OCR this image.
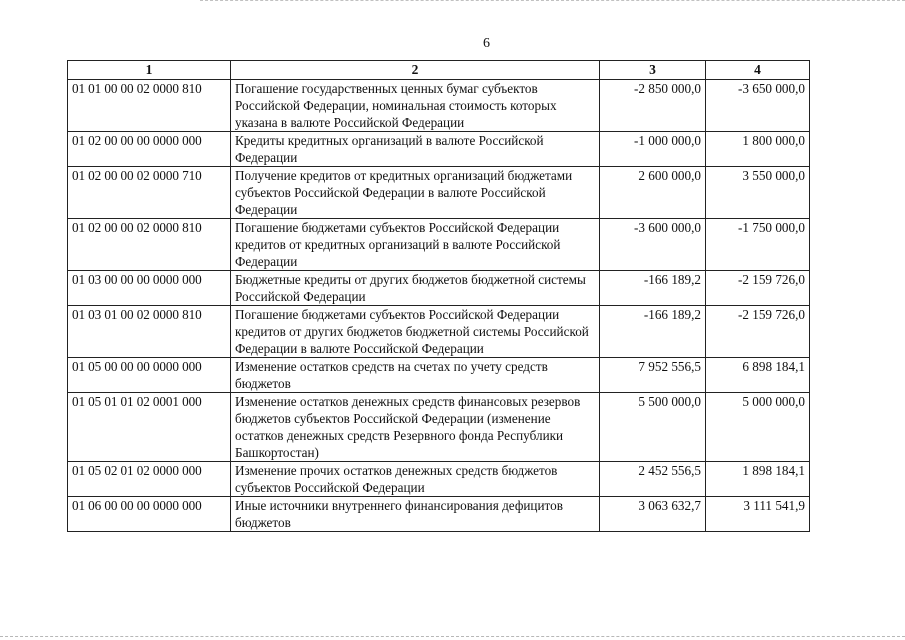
6
1	2	3	4
01 01 00 00 02 0000 810	Погашение государственных ценных бумаг субъектов Российской Федерации, номинальная стоимость которых указана в валюте Российской Федерации	-2 850 000,0	-3 650 000,0
01 02 00 00 00 0000 000	Кредиты кредитных организаций в валюте Российской Федерации	-1 000 000,0	1 800 000,0
01 02 00 00 02 0000 710	Получение кредитов от кредитных организаций бюджетами субъектов Российской Федерации в валюте Российской Федерации	2 600 000,0	3 550 000,0
01 02 00 00 02 0000 810	Погашение бюджетами субъектов Российской Федерации кредитов от кредитных организаций в валюте Российской Федерации	-3 600 000,0	-1 750 000,0
01 03 00 00 00 0000 000	Бюджетные кредиты от других бюджетов бюджетной системы Российской Федерации	-166 189,2	-2 159 726,0
01 03 01 00 02 0000 810	Погашение бюджетами субъектов Российской Федерации кредитов от других бюджетов бюджетной системы Российской Федерации в валюте Российской Федерации	-166 189,2	-2 159 726,0
01 05 00 00 00 0000 000	Изменение остатков средств на счетах по учету средств бюджетов	7 952 556,5	6 898 184,1
01 05 01 01 02 0001 000	Изменение остатков денежных средств финансовых резервов бюджетов субъектов Российской Федерации (изменение остатков денежных средств Резервного фонда Республики Башкортостан)	5 500 000,0	5 000 000,0
01 05 02 01 02 0000 000	Изменение прочих остатков денежных средств бюджетов субъектов Российской Федерации	2 452 556,5	1 898 184,1
01 06 00 00 00 0000 000	Иные источники внутреннего финансирования дефицитов бюджетов	3 063 632,7	3 111 541,9
